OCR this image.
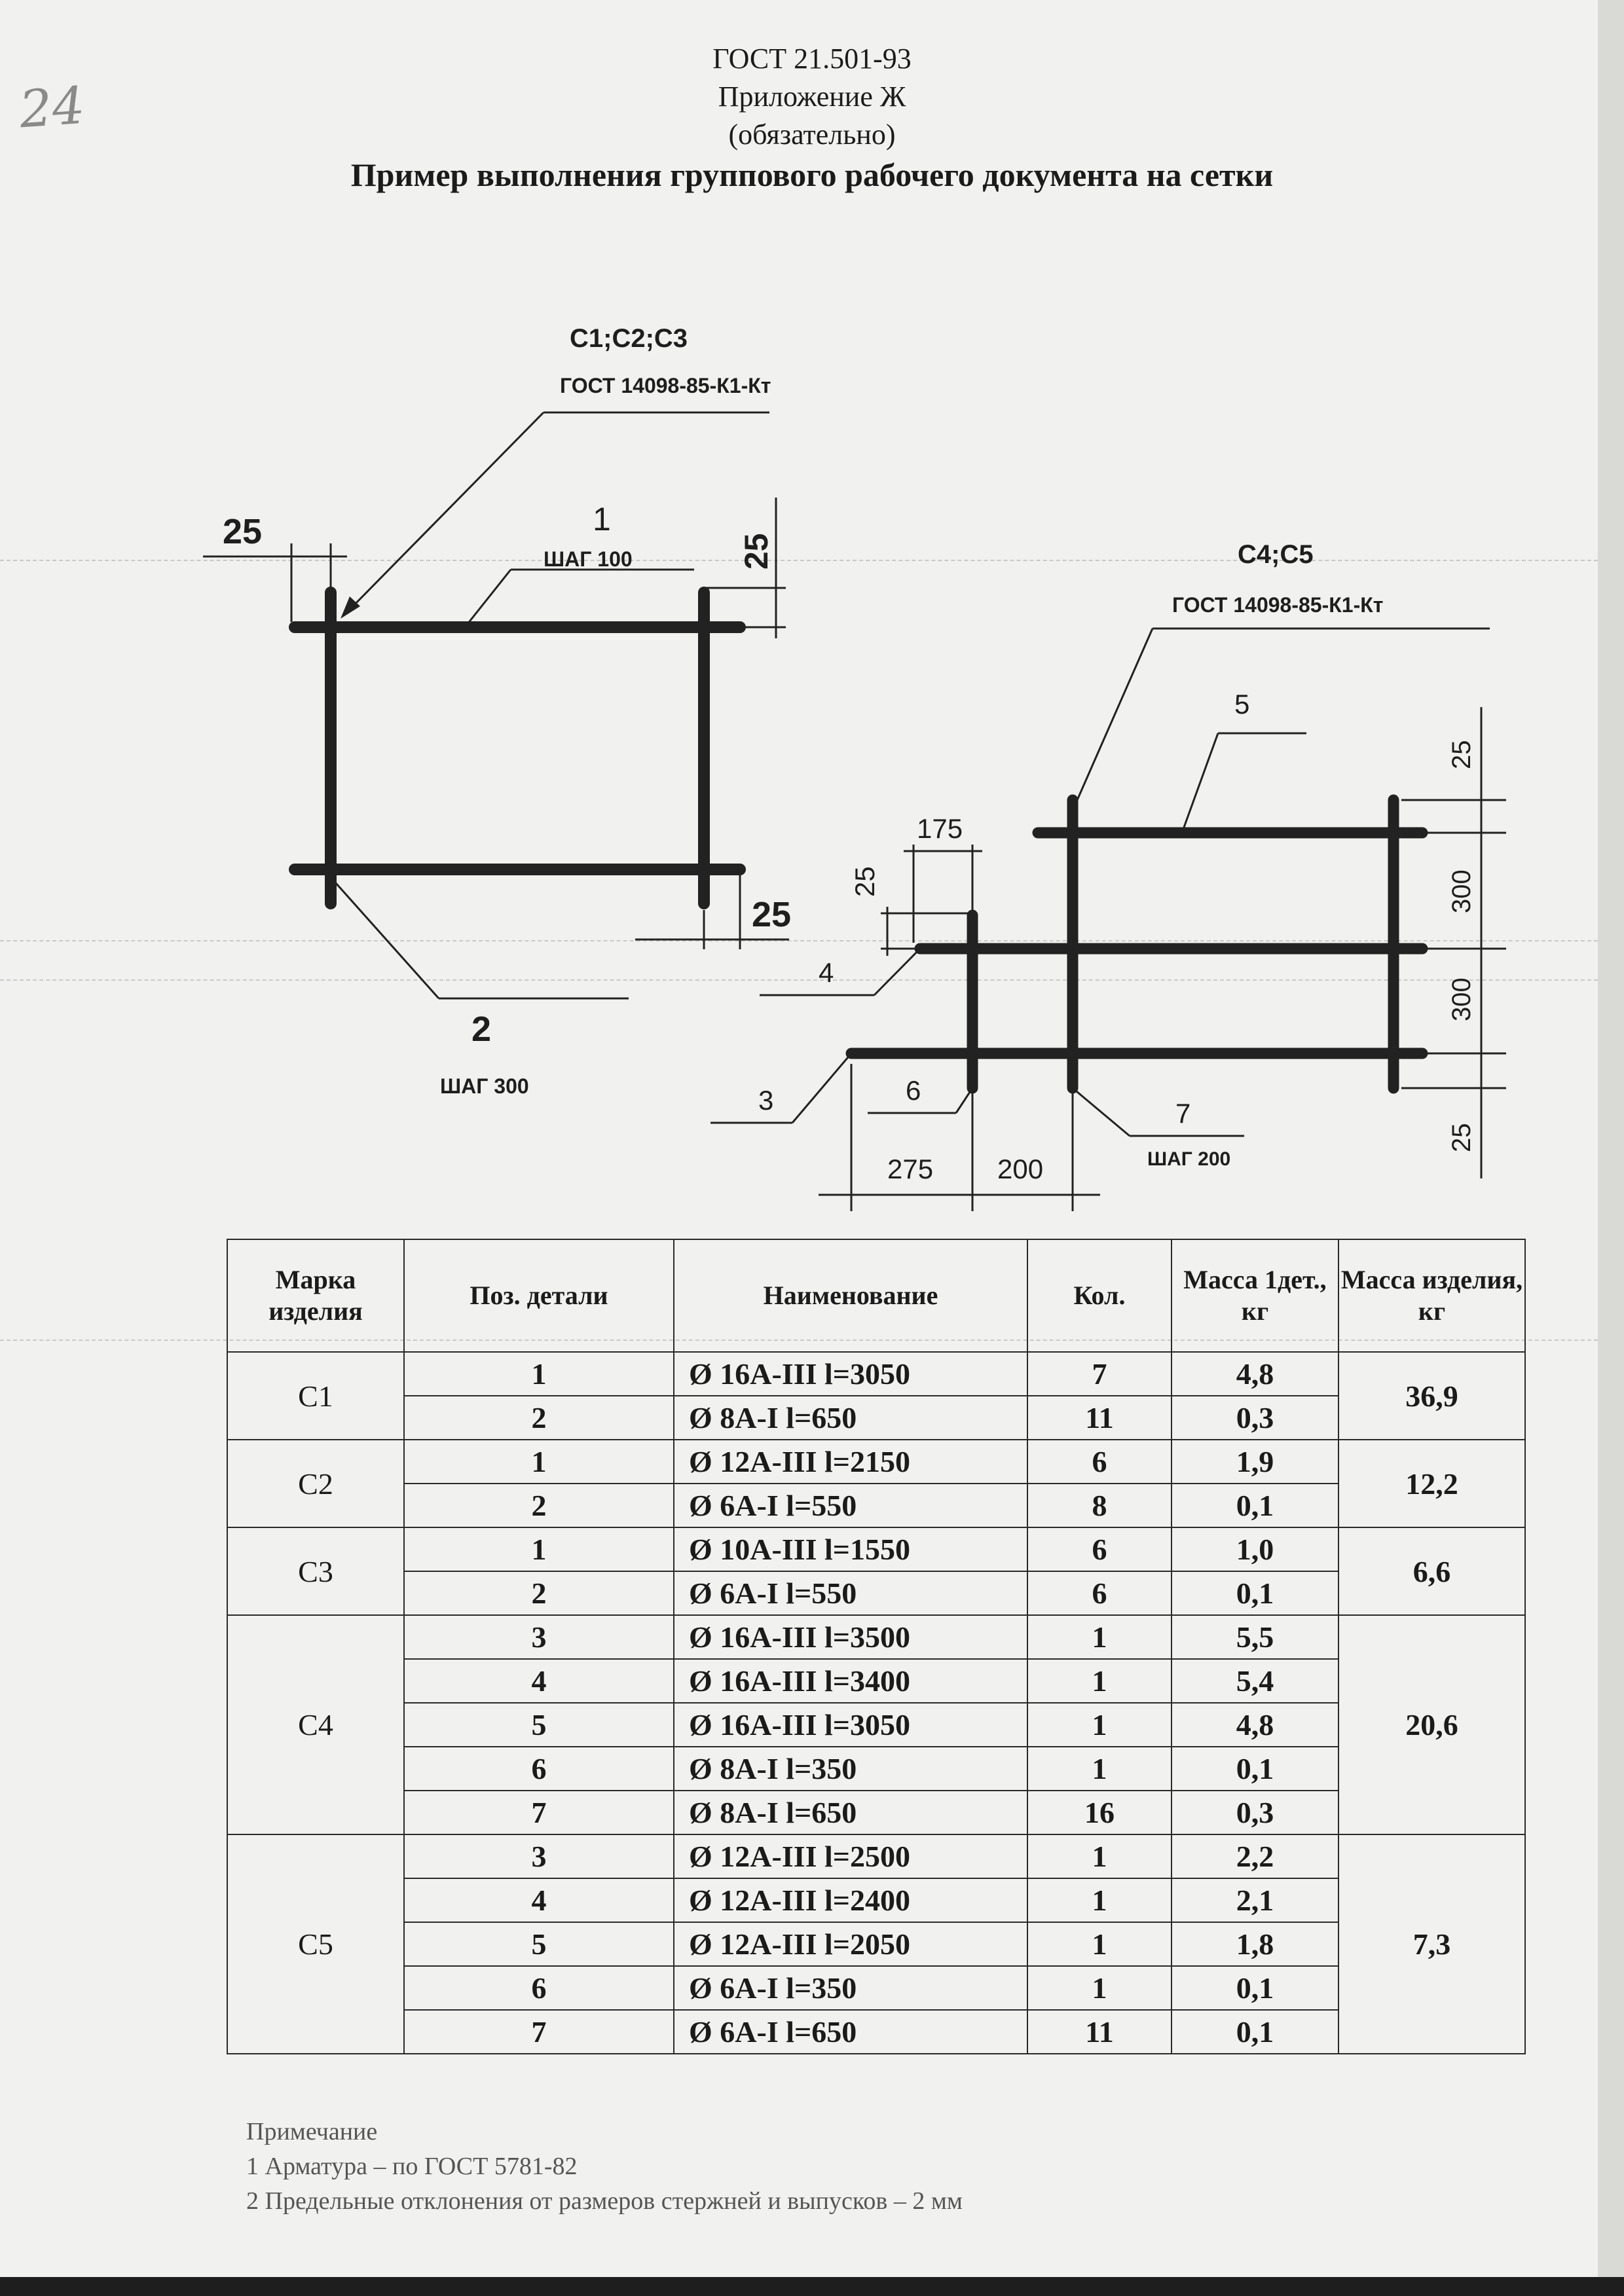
24
ГОСТ 21.501-93
Приложение Ж
(обязательно)
Пример выполнения группового рабочего документа на сетки
С1;С2;С3
ГОСТ 14098-85-К1-Кт
25
25
25
1
ШАГ 100
2
ШАГ 300
С4;С5
ГОСТ 14098-85-К1-Кт
5
4
3	6
7
ШАГ 200
175
25
275 200
25
300
300
25
Марка изделия	Поз. детали	Наименование	Кол.	Масса 1дет., кг	Масса изделия, кг
С1	1	Ø 16А-III l=3050	7	4,8	36,9
	2	Ø 8А-I l=650	11	0,3	
С2	1	Ø 12А-III l=2150	6	1,9	12,2
	2	Ø 6А-I l=550	8	0,1	
С3	1	Ø 10А-III l=1550	6	1,0	6,6
	2	Ø 6А-I l=550	6	0,1	
С4	3	Ø 16А-III l=3500	1	5,5	20,6
	4	Ø 16А-III l=3400	1	5,4	
	5	Ø 16А-III l=3050	1	4,8	
	6	Ø 8А-I l=350	1	0,1	
	7	Ø 8А-I l=650	16	0,3	
С5	3	Ø 12А-III l=2500	1	2,2	7,3
	4	Ø 12А-III l=2400	1	2,1	
	5	Ø 12А-III l=2050	1	1,8	
	6	Ø 6А-I l=350	1	0,1	
	7	Ø 6А-I l=650	11	0,1	
Примечание
1 Арматура – по ГОСТ 5781-82
2 Предельные отклонения от размеров стержней и выпусков – 2 мм
